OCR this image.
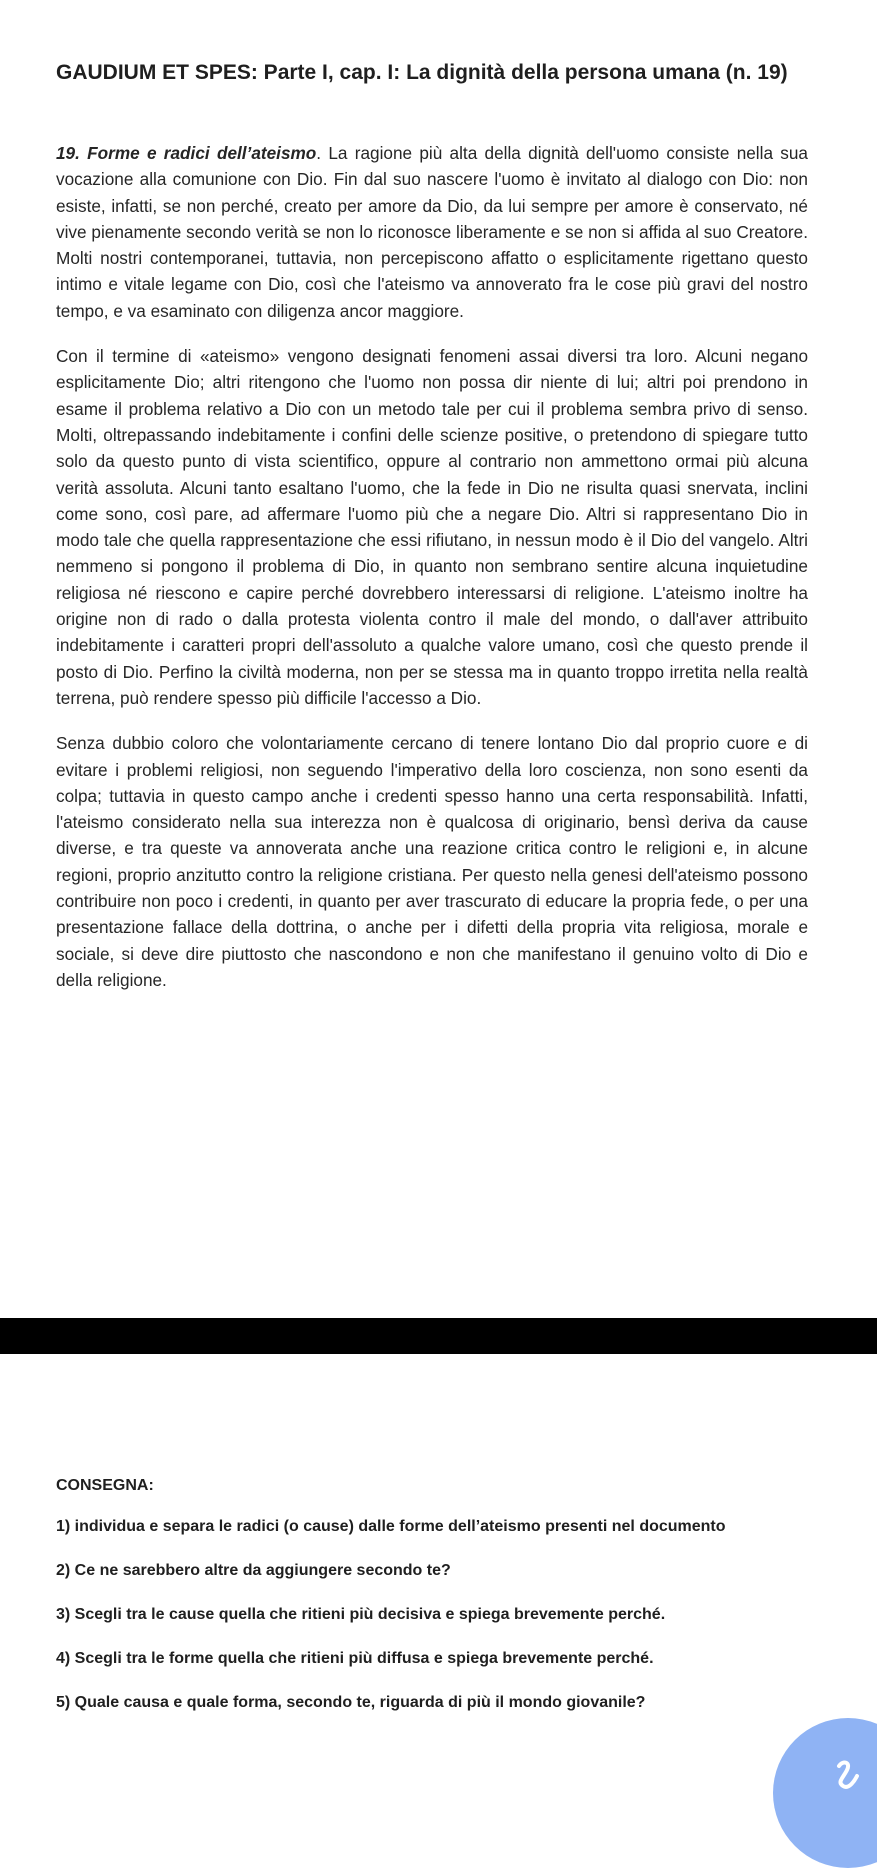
GAUDIUM ET SPES: Parte I, cap. I: La dignità della persona umana (n. 19)

19. Forme e radici dell’ateismo. La ragione più alta della dignità dell'uomo consiste nella sua vocazione alla comunione con Dio. Fin dal suo nascere l'uomo è invitato al dialogo con Dio: non esiste, infatti, se non perché, creato per amore da Dio, da lui sempre per amore è conservato, né vive pienamente secondo verità se non lo riconosce liberamente e se non si affida al suo Creatore. Molti nostri contemporanei, tuttavia, non percepiscono affatto o esplicitamente rigettano questo intimo e vitale legame con Dio, così che l'ateismo va annoverato fra le cose più gravi del nostro tempo, e va esaminato con diligenza ancor maggiore.

Con il termine di «ateismo» vengono designati fenomeni assai diversi tra loro. Alcuni negano esplicitamente Dio; altri ritengono che l'uomo non possa dir niente di lui; altri poi prendono in esame il problema relativo a Dio con un metodo tale per cui il problema sembra privo di senso. Molti, oltrepassando indebitamente i confini delle scienze positive, o pretendono di spiegare tutto solo da questo punto di vista scientifico, oppure al contrario non ammettono ormai più alcuna verità assoluta. Alcuni tanto esaltano l'uomo, che la fede in Dio ne risulta quasi snervata, inclini come sono, così pare, ad affermare l'uomo più che a negare Dio. Altri si rappresentano Dio in modo tale che quella rappresentazione che essi rifiutano, in nessun modo è il Dio del vangelo. Altri nemmeno si pongono il problema di Dio, in quanto non sembrano sentire alcuna inquietudine religiosa né riescono e capire perché dovrebbero interessarsi di religione. L'ateismo inoltre ha origine non di rado o dalla protesta violenta contro il male del mondo, o dall'aver attribuito indebitamente i caratteri propri dell'assoluto a qualche valore umano, così che questo prende il posto di Dio. Perfino la civiltà moderna, non per se stessa ma in quanto troppo irretita nella realtà terrena, può rendere spesso più difficile l'accesso a Dio.

Senza dubbio coloro che volontariamente cercano di tenere lontano Dio dal proprio cuore e di evitare i problemi religiosi, non seguendo l'imperativo della loro coscienza, non sono esenti da colpa; tuttavia in questo campo anche i credenti spesso hanno una certa responsabilità. Infatti, l'ateismo considerato nella sua interezza non è qualcosa di originario, bensì deriva da cause diverse, e tra queste va annoverata anche una reazione critica contro le religioni e, in alcune regioni, proprio anzitutto contro la religione cristiana. Per questo nella genesi dell'ateismo possono contribuire non poco i credenti, in quanto per aver trascurato di educare la propria fede, o per una presentazione fallace della dottrina, o anche per i difetti della propria vita religiosa, morale e sociale, si deve dire piuttosto che nascondono e non che manifestano il genuino volto di Dio e della religione.

CONSEGNA:

1) individua e separa le radici (o cause) dalle forme dell’ateismo presenti nel documento
2) Ce ne sarebbero altre da aggiungere secondo te?
3) Scegli tra le cause quella che ritieni più decisiva e spiega brevemente perché.
4) Scegli tra le forme quella che ritieni più diffusa e spiega brevemente perché.
5) Quale causa e quale forma, secondo te, riguarda di più il mondo giovanile?
